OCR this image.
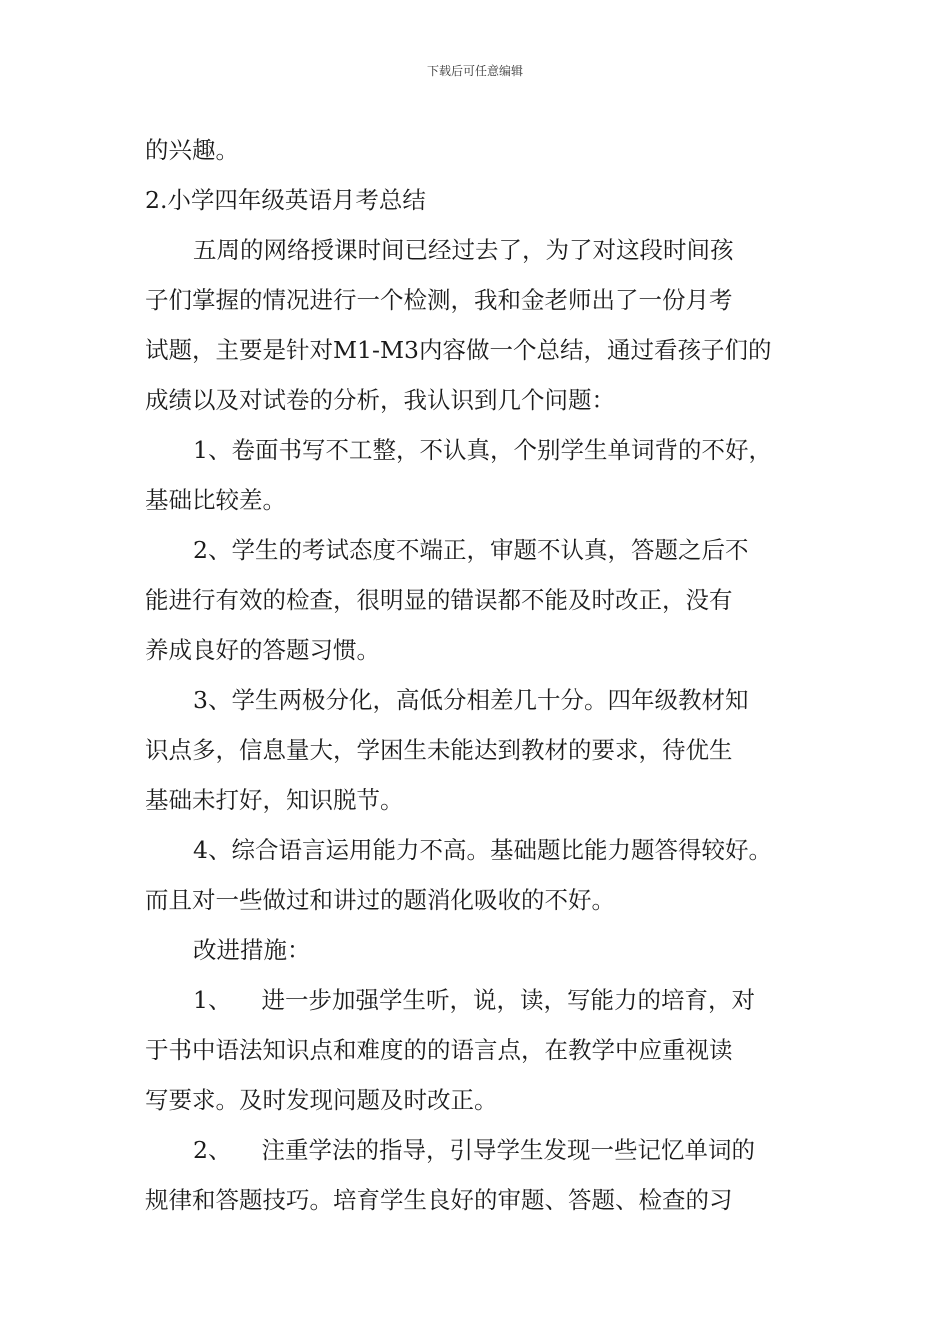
下载后可任意编辑
的兴趣。
2.小学四年级英语月考总结
五周的网络授课时间已经过去了，为了对这段时间孩
子们掌握的情况进行一个检测，我和金老师出了一份月考
试题，主要是针对M1-M3内容做一个总结，通过看孩子们的
成绩以及对试卷的分析，我认识到几个问题：
1、卷面书写不工整，不认真，个别学生单词背的不好，
基础比较差。
2、学生的考试态度不端正，审题不认真，答题之后不
能进行有效的检查，很明显的错误都不能及时改正，没有
养成良好的答题习惯。
3、学生两极分化，高低分相差几十分。四年级教材知
识点多，信息量大，学困生未能达到教材的要求，待优生
基础未打好，知识脱节。
4、综合语言运用能力不高。基础题比能力题答得较好。
而且对一些做过和讲过的题消化吸收的不好。
改进措施：
1、 进一步加强学生听，说，读，写能力的培育，对
于书中语法知识点和难度的的语言点，在教学中应重视读
写要求。及时发现问题及时改正。
2、 注重学法的指导，引导学生发现一些记忆单词的
规律和答题技巧。培育学生良好的审题、答题、检查的习
